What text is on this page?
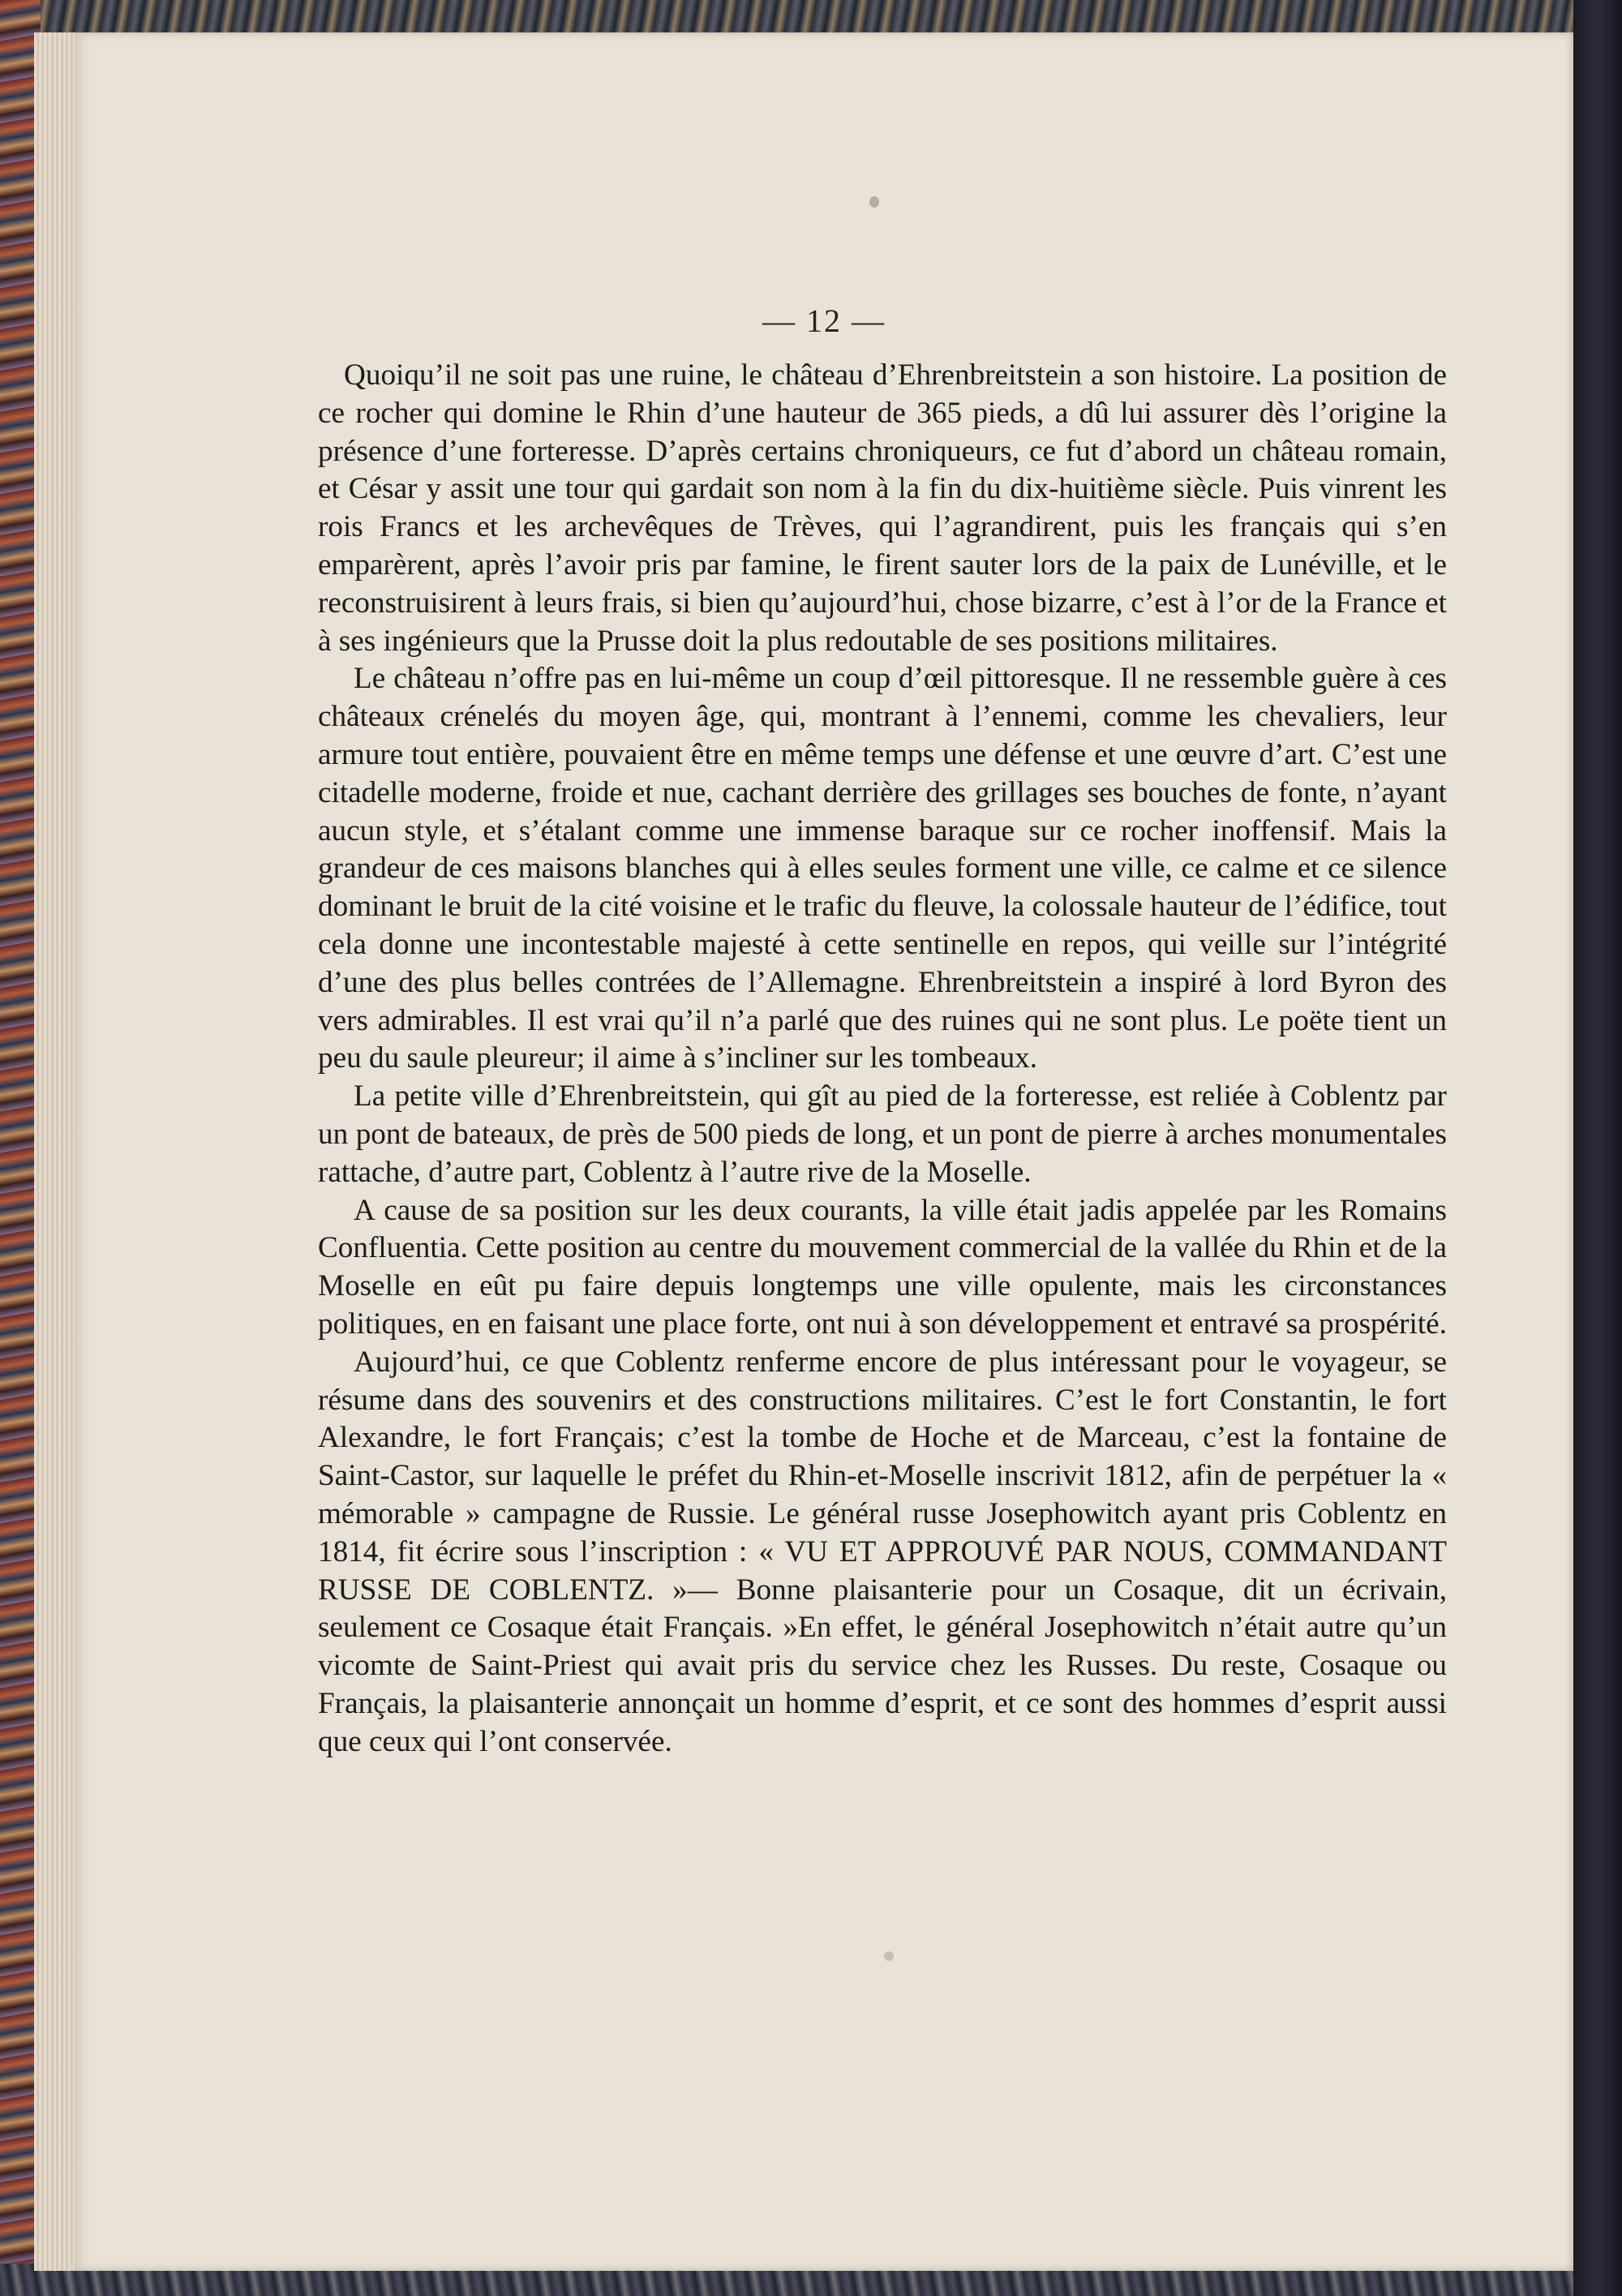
— 12 —

Quoiqu’il ne soit pas une ruine, le château d’Ehrenbreitstein a son histoire. La position de ce rocher qui domine le Rhin d’une hauteur de 365 pieds, a dû lui assurer dès l’origine la présence d’une forteresse. D’après certains chroniqueurs, ce fut d’abord un château romain, et César y assit une tour qui gardait son nom à la fin du dix-huitième siècle. Puis vinrent les rois Francs et les archevêques de Trèves, qui l’agrandirent, puis les français qui s’en emparèrent, après l’avoir pris par famine, le firent sauter lors de la paix de Lunéville, et le reconstruisirent à leurs frais, si bien qu’aujourd’hui, chose bizarre, c’est à l’or de la France et à ses ingénieurs que la Prusse doit la plus redoutable de ses positions militaires.

Le château n’offre pas en lui-même un coup d’œil pittoresque. Il ne ressemble guère à ces châteaux crénelés du moyen âge, qui, montrant à l’ennemi, comme les chevaliers, leur armure tout entière, pouvaient être en même temps une défense et une œuvre d’art. C’est une citadelle moderne, froide et nue, cachant derrière des grillages ses bouches de fonte, n’ayant aucun style, et s’étalant comme une immense baraque sur ce rocher inoffensif. Mais la grandeur de ces maisons blanches qui à elles seules forment une ville, ce calme et ce silence dominant le bruit de la cité voisine et le trafic du fleuve, la colossale hauteur de l’édifice, tout cela donne une incontestable majesté à cette sentinelle en repos, qui veille sur l’intégrité d’une des plus belles contrées de l’Allemagne. Ehrenbreitstein a inspiré à lord Byron des vers admirables. Il est vrai qu’il n’a parlé que des ruines qui ne sont plus. Le poëte tient un peu du saule pleureur; il aime à s’incliner sur les tombeaux.

La petite ville d’Ehrenbreitstein, qui gît au pied de la forteresse, est reliée à Coblentz par un pont de bateaux, de près de 500 pieds de long, et un pont de pierre à arches monumentales rattache, d’autre part, Coblentz à l’autre rive de la Moselle.

A cause de sa position sur les deux courants, la ville était jadis appelée par les Romains Confluentia. Cette position au centre du mouvement commercial de la vallée du Rhin et de la Moselle en eût pu faire depuis longtemps une ville opulente, mais les circonstances politiques, en en faisant une place forte, ont nui à son développement et entravé sa prospérité.

Aujourd’hui, ce que Coblentz renferme encore de plus intéressant pour le voyageur, se résume dans des souvenirs et des constructions militaires. C’est le fort Constantin, le fort Alexandre, le fort Français; c’est la tombe de Hoche et de Marceau, c’est la fontaine de Saint-Castor, sur laquelle le préfet du Rhin-et-Moselle inscrivit 1812, afin de perpétuer la « mémorable » campagne de Russie. Le général russe Josephowitch ayant pris Coblentz en 1814, fit écrire sous l’inscription : « VU ET APPROUVÉ PAR NOUS, COMMANDANT RUSSE DE COBLENTZ. »— Bonne plaisanterie pour un Cosaque, dit un écrivain, seulement ce Cosaque était Français. »En effet, le général Josephowitch n’était autre qu’un vicomte de Saint-Priest qui avait pris du service chez les Russes. Du reste, Cosaque ou Français, la plaisanterie annonçait un homme d’esprit, et ce sont des hommes d’esprit aussi que ceux qui l’ont conservée.
